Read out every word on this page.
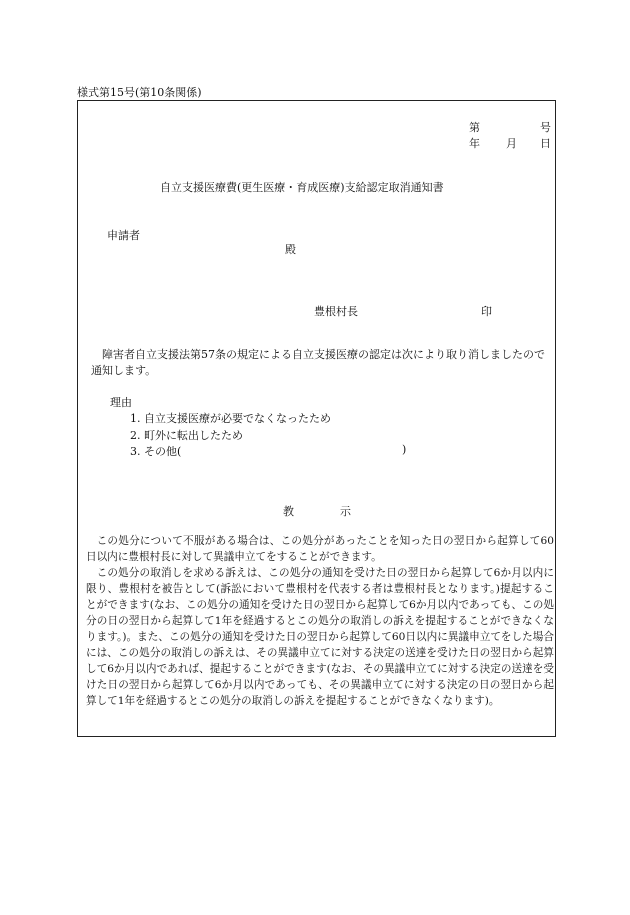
様式第15号(第10条関係)
第	号
年 月 日
自立支援医療費(更生医療・育成医療)支給認定取消通知書
申請者
殿
豊根村長	印
障害者自立支援法第57条の規定による自立支援医療の認定は次により取り消しましたので通知します。
理由
1. 自立支援医療が必要でなくなったため
2. 町外に転出したため
3. その他(	)
教	示

この処分について不服がある場合は、この処分があったことを知った日の翌日から起算して60日以内に豊根村長に対して異議申立てをすることができます。

この処分の取消しを求める訴えは、この処分の通知を受けた日の翌日から起算して6か月以内に限り、豊根村を被告として(訴訟において豊根村を代表する者は豊根村長となります。)提起することができます(なお、この処分の通知を受けた日の翌日から起算して6か月以内であっても、この処分の日の翌日から起算して1年を経過するとこの処分の取消しの訴えを提起することができなくなります。)。また、この処分の通知を受けた日の翌日から起算して60日以内に異議申立てをした場合には、この処分の取消しの訴えは、その異議申立てに対する決定の送達を受けた日の翌日から起算して6か月以内であれば、提起することができます(なお、その異議申立てに対する決定の送達を受けた日の翌日から起算して6か月以内であっても、その異議申立てに対する決定の日の翌日から起算して1年を経過するとこの処分の取消しの訴えを提起することができなくなります)。
